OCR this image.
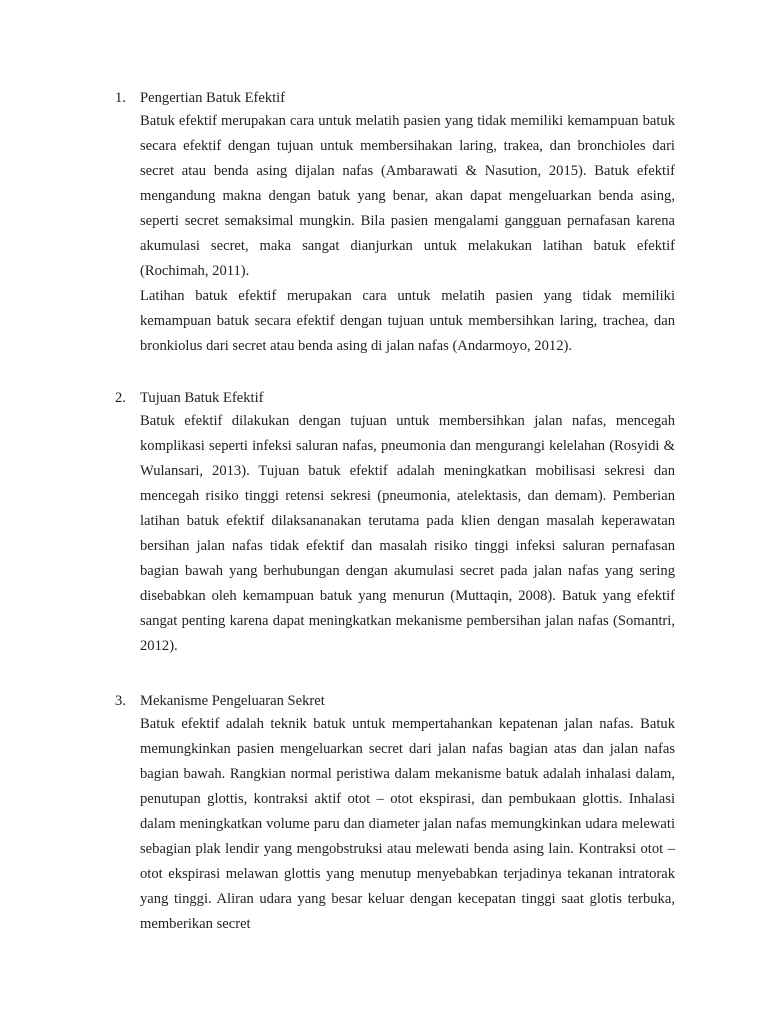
1. Pengertian Batuk Efektif

Batuk efektif merupakan cara untuk melatih pasien yang tidak memiliki kemampuan batuk secara efektif dengan tujuan untuk membersihakan laring, trakea, dan bronchioles dari secret atau benda asing dijalan nafas (Ambarawati & Nasution, 2015). Batuk efektif mengandung makna dengan batuk yang benar, akan dapat mengeluarkan benda asing, seperti secret semaksimal mungkin. Bila pasien mengalami gangguan pernafasan karena akumulasi secret, maka sangat dianjurkan untuk melakukan latihan batuk efektif (Rochimah, 2011).

Latihan batuk efektif merupakan cara untuk melatih pasien yang tidak memiliki kemampuan batuk secara efektif dengan tujuan untuk membersihkan laring, trachea, dan bronkiolus dari secret atau benda asing di jalan nafas (Andarmoyo, 2012).

2. Tujuan Batuk Efektif

Batuk efektif dilakukan dengan tujuan untuk membersihkan jalan nafas, mencegah komplikasi seperti infeksi saluran nafas, pneumonia dan mengurangi kelelahan (Rosyidi & Wulansari, 2013). Tujuan batuk efektif adalah meningkatkan mobilisasi sekresi dan mencegah risiko tinggi retensi sekresi (pneumonia, atelektasis, dan demam). Pemberian latihan batuk efektif dilaksananakan terutama pada klien dengan masalah keperawatan bersihan jalan nafas tidak efektif dan masalah risiko tinggi infeksi saluran pernafasan bagian bawah yang berhubungan dengan akumulasi secret pada jalan nafas yang sering disebabkan oleh kemampuan batuk yang menurun (Muttaqin, 2008). Batuk yang efektif sangat penting karena dapat meningkatkan mekanisme pembersihan jalan nafas (Somantri, 2012).

3. Mekanisme Pengeluaran Sekret

Batuk efektif adalah teknik batuk untuk mempertahankan kepatenan jalan nafas. Batuk memungkinkan pasien mengeluarkan secret dari jalan nafas bagian atas dan jalan nafas bagian bawah. Rangkian normal peristiwa dalam mekanisme batuk adalah inhalasi dalam, penutupan glottis, kontraksi aktif otot – otot ekspirasi, dan pembukaan glottis. Inhalasi dalam meningkatkan volume paru dan diameter jalan nafas memungkinkan udara melewati sebagian plak lendir yang mengobstruksi atau melewati benda asing lain. Kontraksi otot – otot ekspirasi melawan glottis yang menutup menyebabkan terjadinya tekanan intratorak yang tinggi. Aliran udara yang besar keluar dengan kecepatan tinggi saat glotis terbuka, memberikan secret
